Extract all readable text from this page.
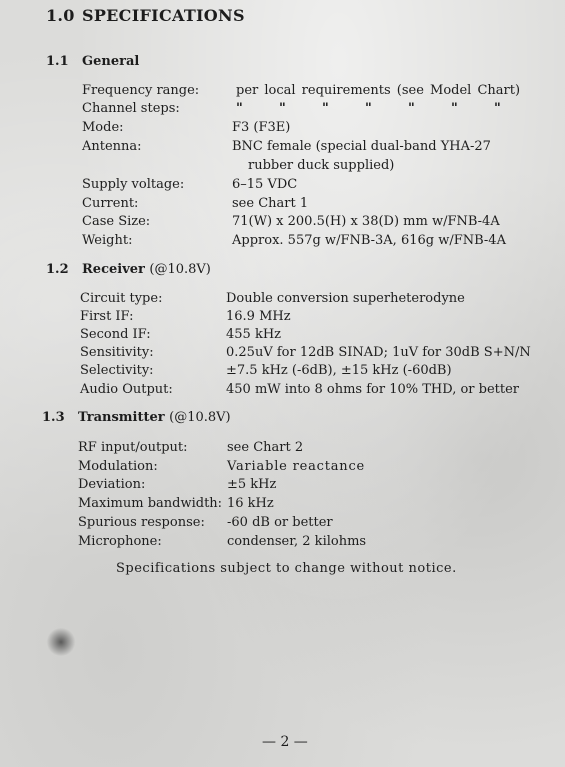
1.0 SPECIFICATIONS
1.1 General
Frequency range:	per local requirements (see Model Chart)
Channel steps:	"	"	"	"	"	"	"
Mode:	F3 (F3E)
Antenna:	BNC female (special dual-band YHA-27
rubber duck supplied)
Supply voltage:	6–15 VDC
Current:	see Chart 1
Case Size:	71(W) x 200.5(H) x 38(D) mm w/FNB-4A
Weight:	Approx. 557g w/FNB-3A, 616g w/FNB-4A
1.2 Receiver (@10.8V)
Circuit type:	Double conversion superheterodyne
First IF:	16.9 MHz
Second IF:	455 kHz
Sensitivity:	0.25uV for 12dB SINAD; 1uV for 30dB S+N/N
Selectivity:	±7.5 kHz (-6dB), ±15 kHz (-60dB)
Audio Output:	450 mW into 8 ohms for 10% THD, or better
1.3 Transmitter (@10.8V)
RF input/output:	see Chart 2
Modulation:	Variable reactance
Deviation:	±5 kHz
Maximum bandwidth: 16 kHz
Spurious response: -60 dB or better
Microphone:	condenser, 2 kilohms
Specifications subject to change without notice.
— 2 —
